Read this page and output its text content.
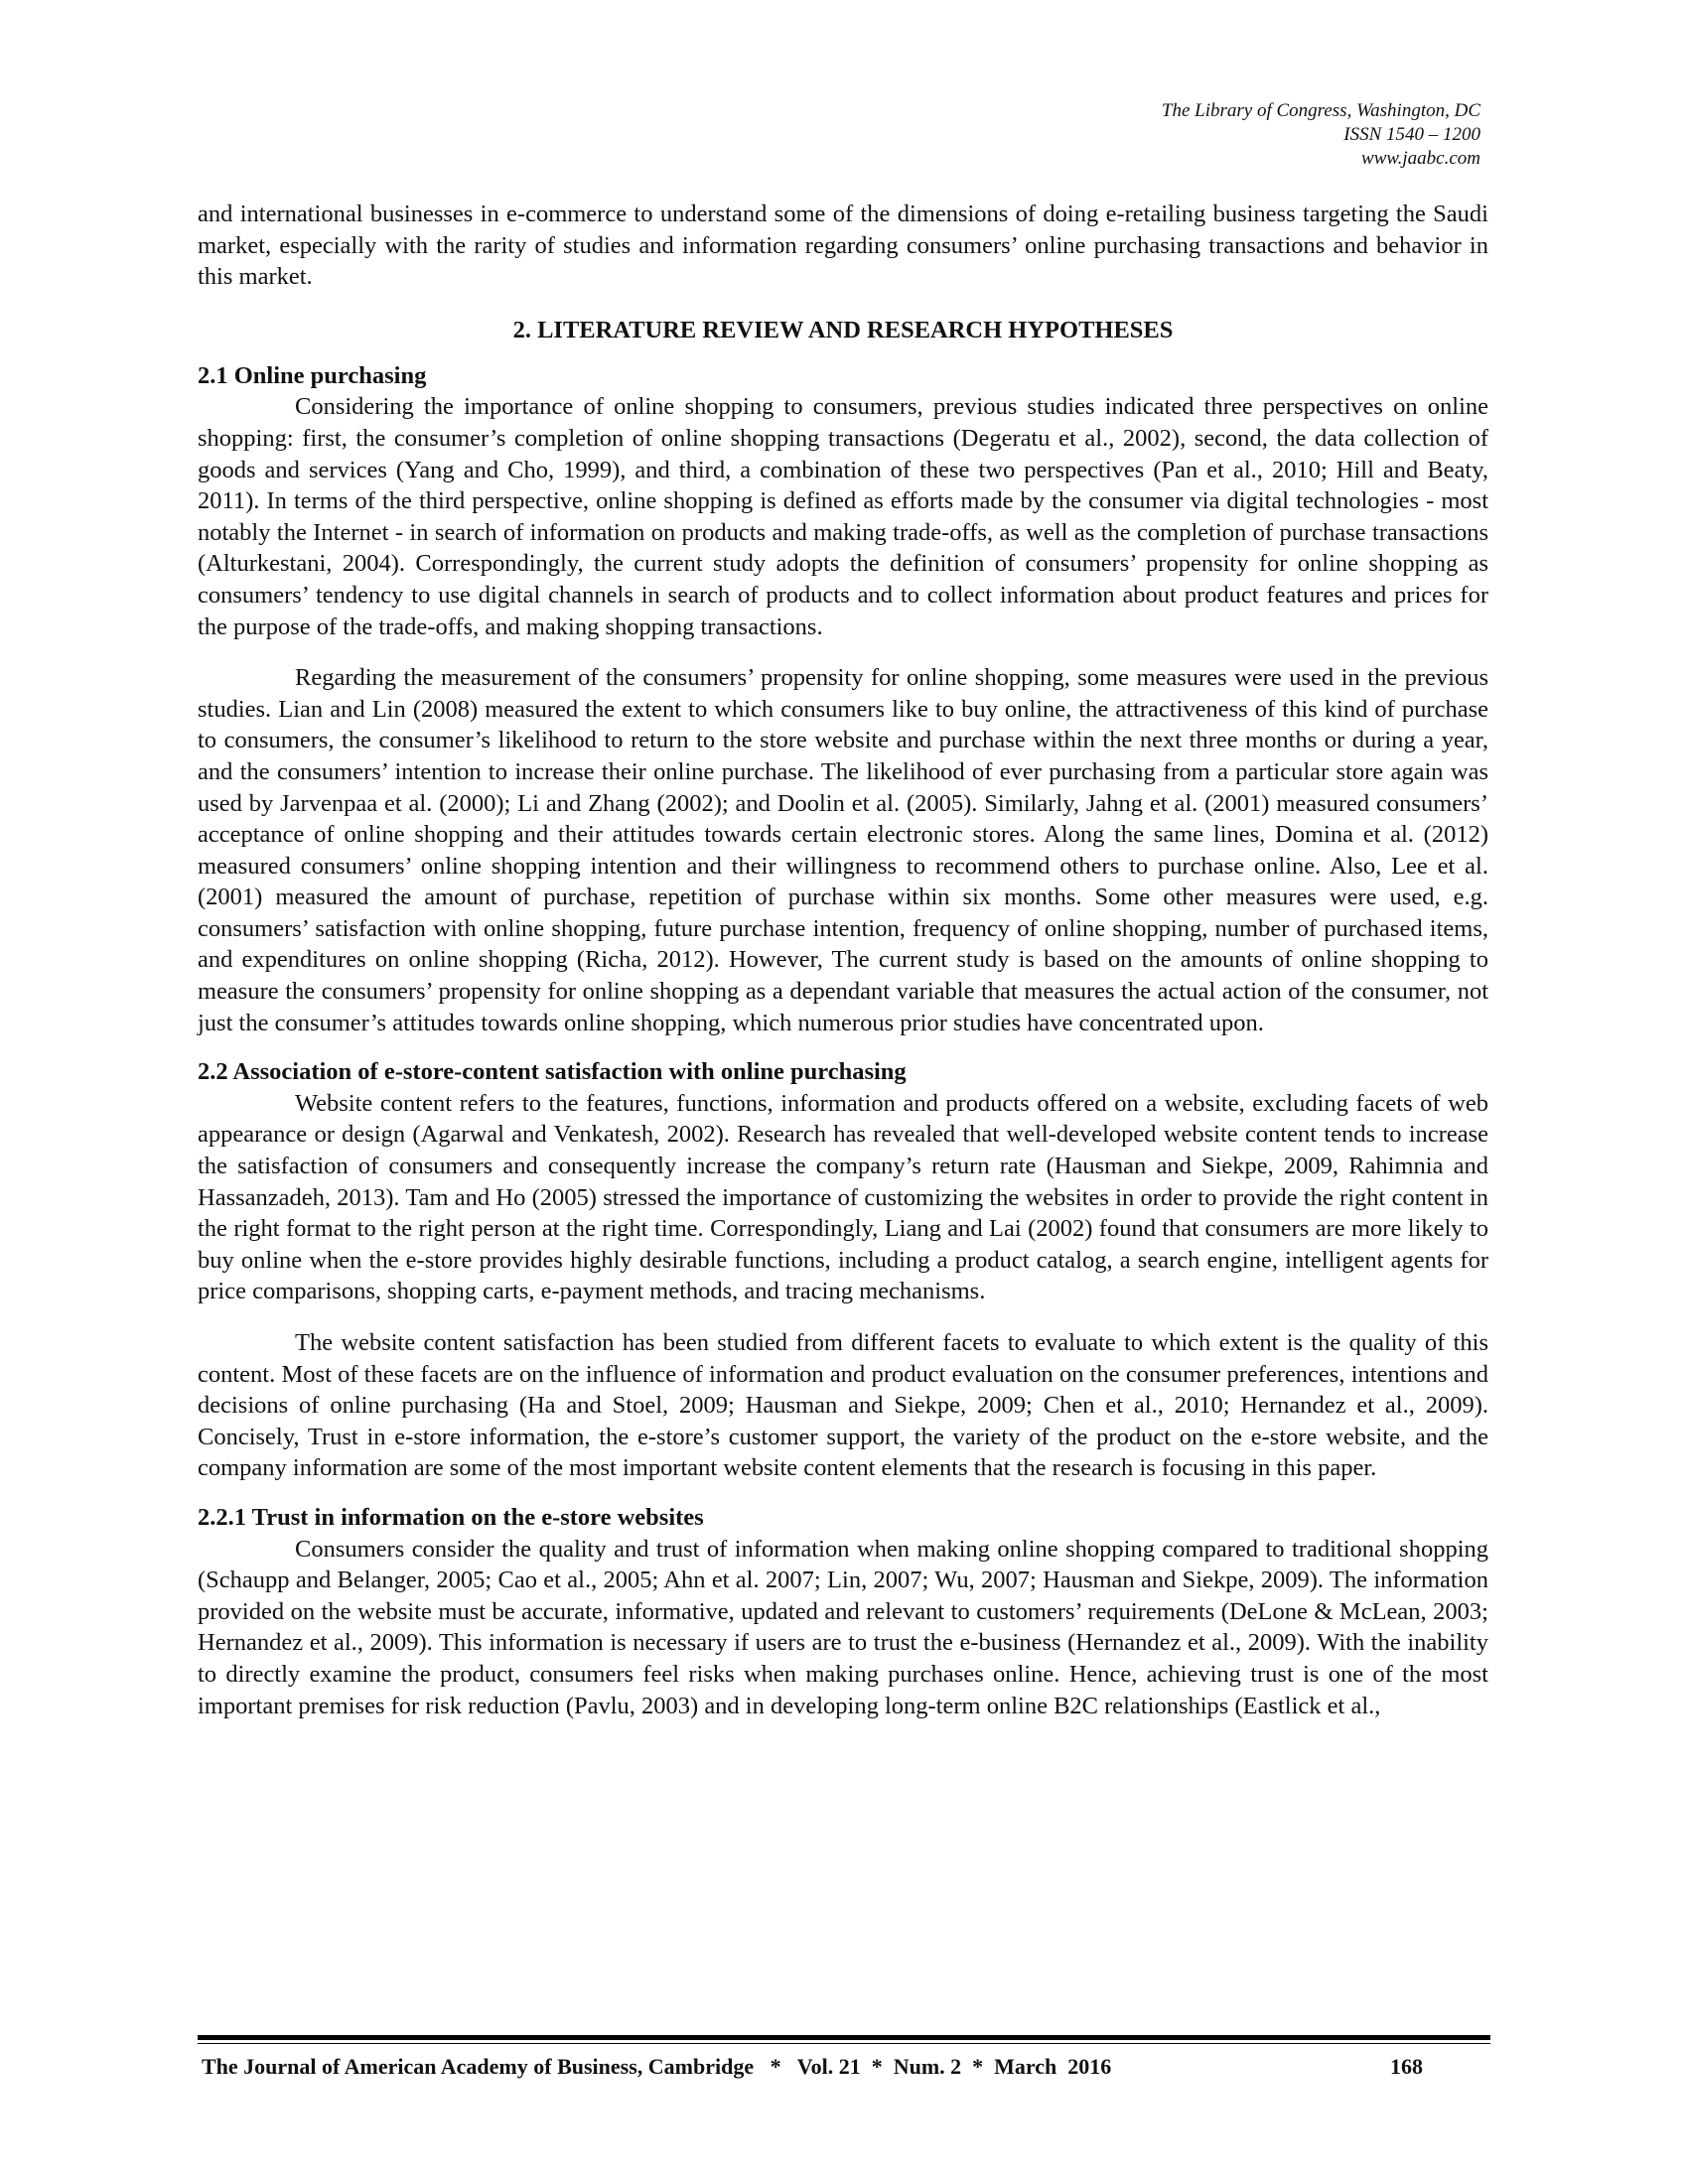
The Library of Congress, Washington, DC
ISSN 1540 – 1200
www.jaabc.com

and international businesses in e-commerce to understand some of the dimensions of doing e-retailing business targeting the Saudi market, especially with the rarity of studies and information regarding consumers’ online purchasing transactions and behavior in this market.

2. LITERATURE REVIEW AND RESEARCH HYPOTHESES
2.1 Online purchasing

Considering the importance of online shopping to consumers, previous studies indicated three perspectives on online shopping: first, the consumer’s completion of online shopping transactions (Degeratu et al., 2002), second, the data collection of goods and services (Yang and Cho, 1999), and third, a combination of these two perspectives (Pan et al., 2010; Hill and Beaty, 2011). In terms of the third perspective, online shopping is defined as efforts made by the consumer via digital technologies - most notably the Internet - in search of information on products and making trade-offs, as well as the completion of purchase transactions (Alturkestani, 2004). Correspondingly, the current study adopts the definition of consumers’ propensity for online shopping as consumers’ tendency to use digital channels in search of products and to collect information about product features and prices for the purpose of the trade-offs, and making shopping transactions.

Regarding the measurement of the consumers’ propensity for online shopping, some measures were used in the previous studies. Lian and Lin (2008) measured the extent to which consumers like to buy online, the attractiveness of this kind of purchase to consumers, the consumer’s likelihood to return to the store website and purchase within the next three months or during a year, and the consumers’ intention to increase their online purchase. The likelihood of ever purchasing from a particular store again was used by Jarvenpaa et al. (2000); Li and Zhang (2002); and Doolin et al. (2005). Similarly, Jahng et al. (2001) measured consumers’ acceptance of online shopping and their attitudes towards certain electronic stores. Along the same lines, Domina et al. (2012) measured consumers’ online shopping intention and their willingness to recommend others to purchase online. Also, Lee et al. (2001) measured the amount of purchase, repetition of purchase within six months. Some other measures were used, e.g. consumers’ satisfaction with online shopping, future purchase intention, frequency of online shopping, number of purchased items, and expenditures on online shopping (Richa, 2012). However, The current study is based on the amounts of online shopping to measure the consumers’ propensity for online shopping as a dependant variable that measures the actual action of the consumer, not just the consumer’s attitudes towards online shopping, which numerous prior studies have concentrated upon.

2.2 Association of e-store-content satisfaction with online purchasing

Website content refers to the features, functions, information and products offered on a website, excluding facets of web appearance or design (Agarwal and Venkatesh, 2002). Research has revealed that well-developed website content tends to increase the satisfaction of consumers and consequently increase the company’s return rate (Hausman and Siekpe, 2009, Rahimnia and Hassanzadeh, 2013). Tam and Ho (2005) stressed the importance of customizing the websites in order to provide the right content in the right format to the right person at the right time. Correspondingly, Liang and Lai (2002) found that consumers are more likely to buy online when the e-store provides highly desirable functions, including a product catalog, a search engine, intelligent agents for price comparisons, shopping carts, e-payment methods, and tracing mechanisms.

The website content satisfaction has been studied from different facets to evaluate to which extent is the quality of this content. Most of these facets are on the influence of information and product evaluation on the consumer preferences, intentions and decisions of online purchasing (Ha and Stoel, 2009; Hausman and Siekpe, 2009; Chen et al., 2010; Hernandez et al., 2009). Concisely, Trust in e-store information, the e-store’s customer support, the variety of the product on the e-store website, and the company information are some of the most important website content elements that the research is focusing in this paper.

2.2.1 Trust in information on the e-store websites

Consumers consider the quality and trust of information when making online shopping compared to traditional shopping (Schaupp and Belanger, 2005; Cao et al., 2005; Ahn et al. 2007; Lin, 2007; Wu, 2007; Hausman and Siekpe, 2009). The information provided on the website must be accurate, informative, updated and relevant to customers’ requirements (DeLone & McLean, 2003; Hernandez et al., 2009). This information is necessary if users are to trust the e-business (Hernandez et al., 2009). With the inability to directly examine the product, consumers feel risks when making purchases online. Hence, achieving trust is one of the most important premises for risk reduction (Pavlu, 2003) and in developing long-term online B2C relationships (Eastlick et al.,

The Journal of American Academy of Business, Cambridge   *   Vol. 21  *  Num. 2  *  March  2016	168
